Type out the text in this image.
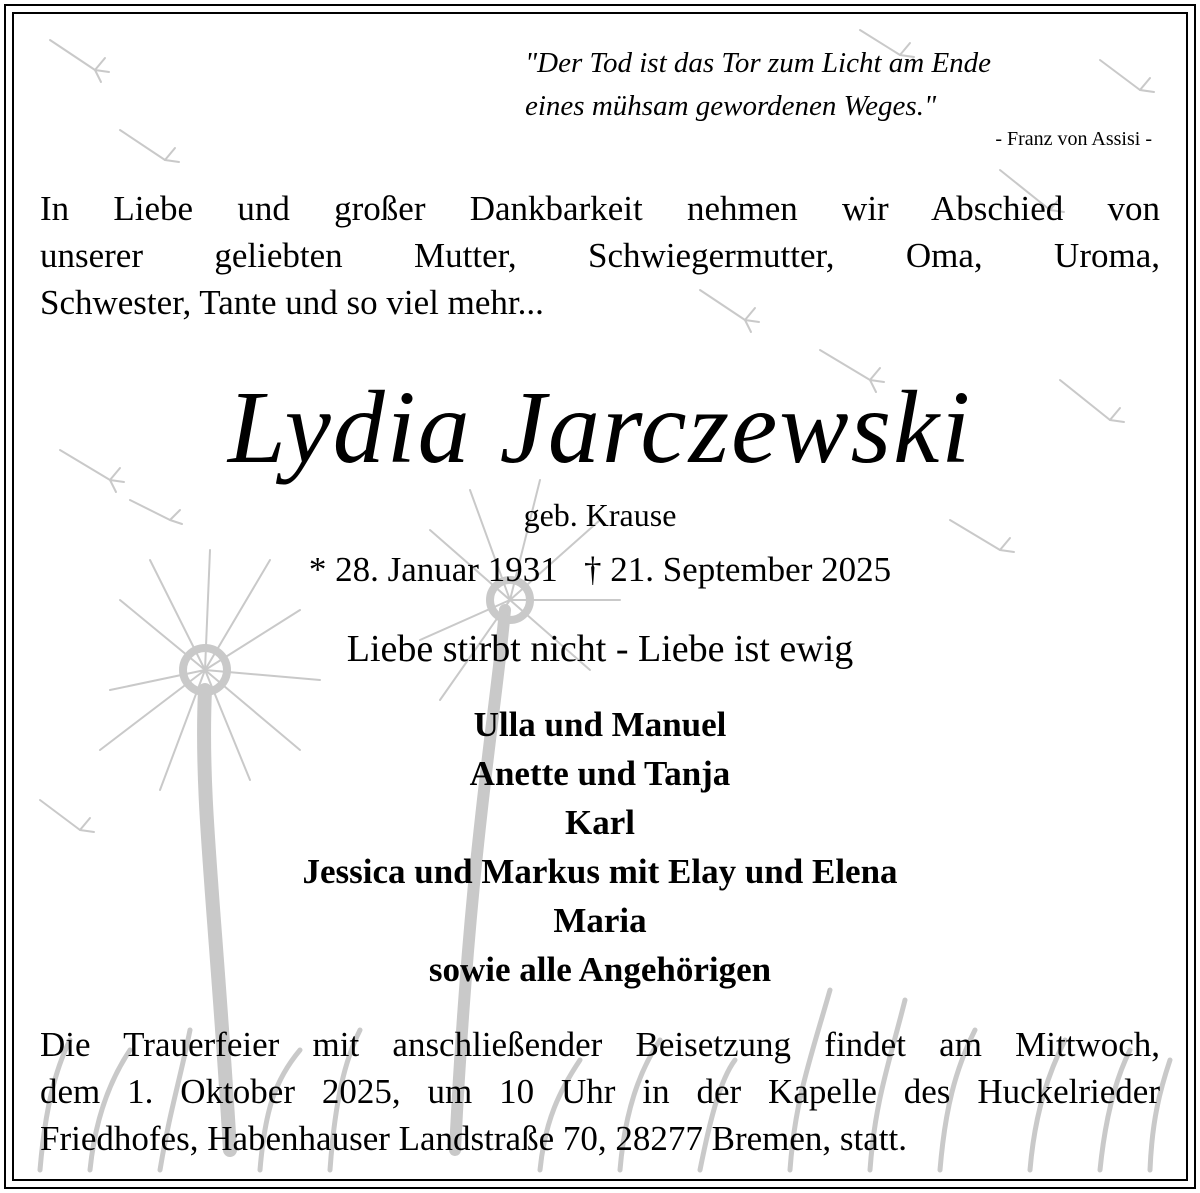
"Der Tod ist das Tor zum Licht am Ende
eines mühsam gewordenen Weges."
- Franz von Assisi -
In Liebe und großer Dankbarkeit nehmen wir Abschied von
unserer geliebten Mutter, Schwiegermutter, Oma, Uroma,
Schwester, Tante und so viel mehr...
Lydia Jarczewski
geb. Krause
* 28. Januar 1931 † 21. September 2025
Liebe stirbt nicht - Liebe ist ewig
Ulla und Manuel
Anette und Tanja
Karl
Jessica und Markus mit Elay und Elena
Maria
sowie alle Angehörigen
Die Trauerfeier mit anschließender Beisetzung findet am Mittwoch,
dem 1. Oktober 2025, um 10 Uhr in der Kapelle des Huckelrieder
Friedhofes, Habenhauser Landstraße 70, 28277 Bremen, statt.
